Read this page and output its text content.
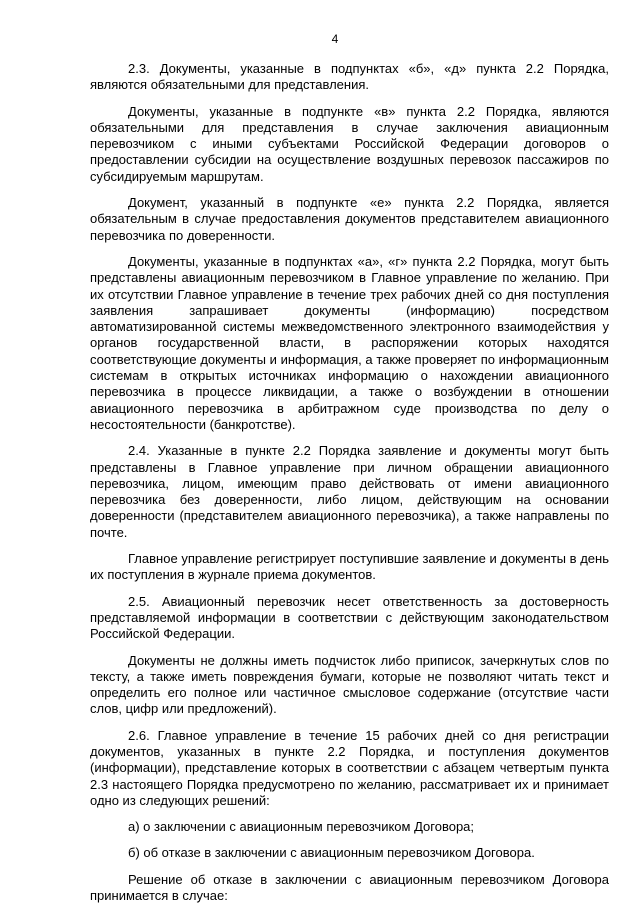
4

2.3. Документы, указанные в подпунктах «б», «д» пункта 2.2 Порядка, являются обязательными для представления.

Документы, указанные в подпункте «в» пункта 2.2 Порядка, являются обязательными для представления в случае заключения авиационным перевозчиком с иными субъектами Российской Федерации договоров о предоставлении субсидии на осуществление воздушных перевозок пассажиров по субсидируемым маршрутам.

Документ, указанный в подпункте «е» пункта 2.2 Порядка, является обязательным в случае предоставления документов представителем авиационного перевозчика по доверенности.

Документы, указанные в подпунктах «а», «г» пункта 2.2 Порядка, могут быть представлены авиационным перевозчиком в Главное управление по желанию. При их отсутствии Главное управление в течение трех рабочих дней со дня поступления заявления запрашивает документы (информацию) посредством автоматизированной системы межведомственного электронного взаимодействия у органов государственной власти, в распоряжении которых находятся соответствующие документы и информация, а также проверяет по информационным системам в открытых источниках информацию о нахождении авиационного перевозчика в процессе ликвидации, а также о возбуждении в отношении авиационного перевозчика в арбитражном суде производства по делу о несостоятельности (банкротстве).

2.4. Указанные в пункте 2.2 Порядка заявление и документы могут быть представлены в Главное управление при личном обращении авиационного перевозчика, лицом, имеющим право действовать от имени авиационного перевозчика без доверенности, либо лицом, действующим на основании доверенности (представителем авиационного перевозчика), а также направлены по почте.

Главное управление регистрирует поступившие заявление и документы в день их поступления в журнале приема документов.

2.5. Авиационный перевозчик несет ответственность за достоверность представляемой информации в соответствии с действующим законодательством Российской Федерации.

Документы не должны иметь подчисток либо приписок, зачеркнутых слов по тексту, а также иметь повреждения бумаги, которые не позволяют читать текст и определить его полное или частичное смысловое содержание (отсутствие части слов, цифр или предложений).

2.6. Главное управление в течение 15 рабочих дней со дня регистрации документов, указанных в пункте 2.2 Порядка, и поступления документов (информации), представление которых в соответствии с абзацем четвертым пункта 2.3 настоящего Порядка предусмотрено по желанию, рассматривает их и принимает одно из следующих решений:

а) о заключении с авиационным перевозчиком Договора;

б) об отказе в заключении с авиационным перевозчиком Договора.

Решение об отказе в заключении с авиационным перевозчиком Договора принимается в случае:
